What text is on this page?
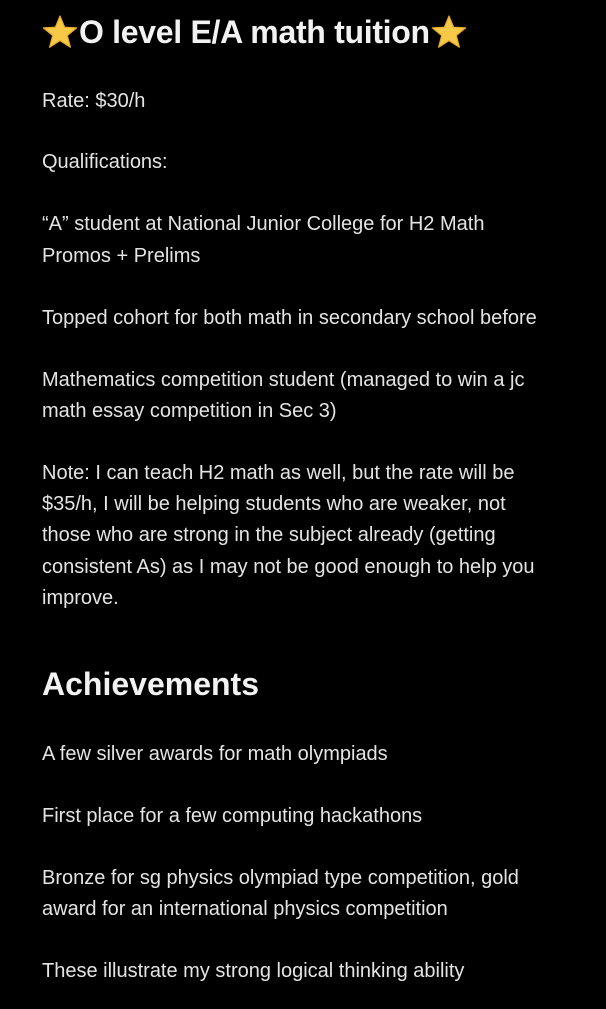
O level E/A math tuition
Rate: $30/h
Qualifications:
“A” student at National Junior College for H2 Math
Promos + Prelims
Topped cohort for both math in secondary school before
Mathematics competition student (managed to win a jc
math essay competition in Sec 3)
Note: I can teach H2 math as well, but the rate will be
$35/h, I will be helping students who are weaker, not
those who are strong in the subject already (getting
consistent As) as I may not be good enough to help you
improve.
Achievements
A few silver awards for math olympiads
First place for a few computing hackathons
Bronze for sg physics olympiad type competition, gold
award for an international physics competition
These illustrate my strong logical thinking ability
